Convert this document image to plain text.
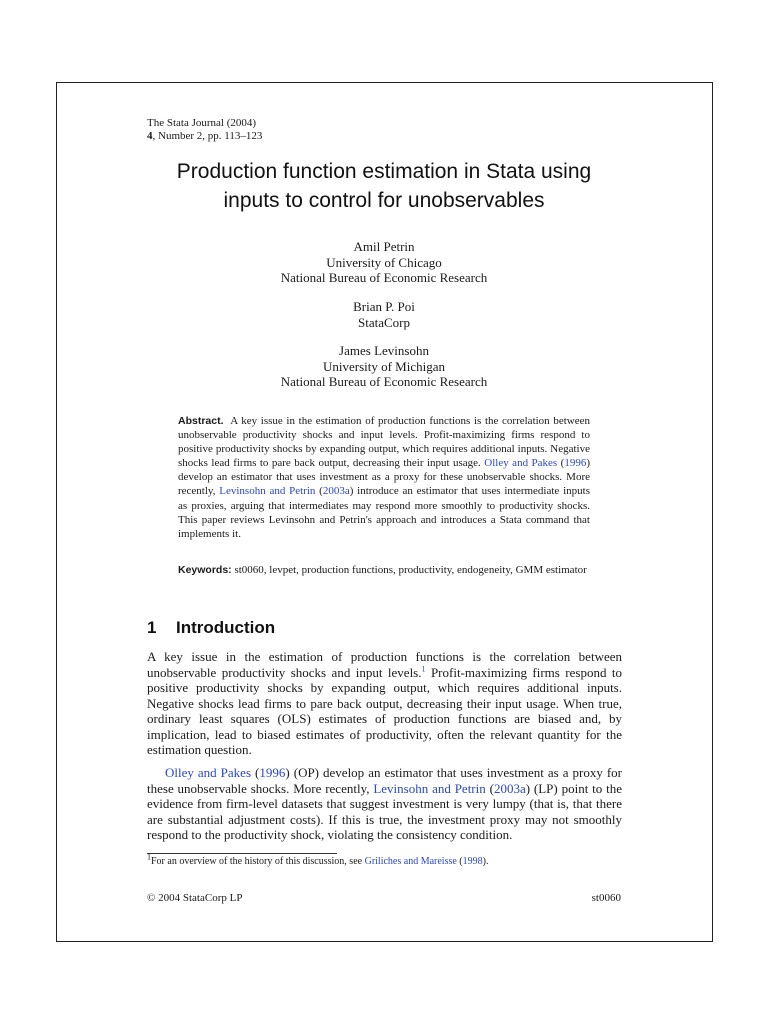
The Stata Journal (2004)
4, Number 2, pp. 113–123
Production function estimation in Stata using
inputs to control for unobservables
Amil Petrin
University of Chicago
National Bureau of Economic Research
Brian P. Poi
StataCorp
James Levinsohn
University of Michigan
National Bureau of Economic Research
Abstract. A key issue in the estimation of production functions is the correlation between unobservable productivity shocks and input levels. Profit-maximizing firms respond to positive productivity shocks by expanding output, which requires additional inputs. Negative shocks lead firms to pare back output, decreasing their input usage. Olley and Pakes (1996) develop an estimator that uses investment as a proxy for these unobservable shocks. More recently, Levinsohn and Petrin (2003a) introduce an estimator that uses intermediate inputs as proxies, arguing that intermediates may respond more smoothly to productivity shocks. This paper reviews Levinsohn and Petrin's approach and introduces a Stata command that implements it.
Keywords: st0060, levpet, production functions, productivity, endogeneity, GMM estimator
1 Introduction
A key issue in the estimation of production functions is the correlation between unobservable productivity shocks and input levels.$^1$ Profit-maximizing firms respond to positive productivity shocks by expanding output, which requires additional inputs. Negative shocks lead firms to pare back output, decreasing their input usage. When true, ordinary least squares (OLS) estimates of production functions are biased and, by implication, lead to biased estimates of productivity, often the relevant quantity for the estimation question.
Olley and Pakes (1996) (OP) develop an estimator that uses investment as a proxy for these unobservable shocks. More recently, Levinsohn and Petrin (2003a) (LP) point to the evidence from firm-level datasets that suggest investment is very lumpy (that is, that there are substantial adjustment costs). If this is true, the investment proxy may not smoothly respond to the productivity shock, violating the consistency condition.
$^1$For an overview of the history of this discussion, see Griliches and Mareisse (1998).
© 2004 StataCorp LP	st0060
